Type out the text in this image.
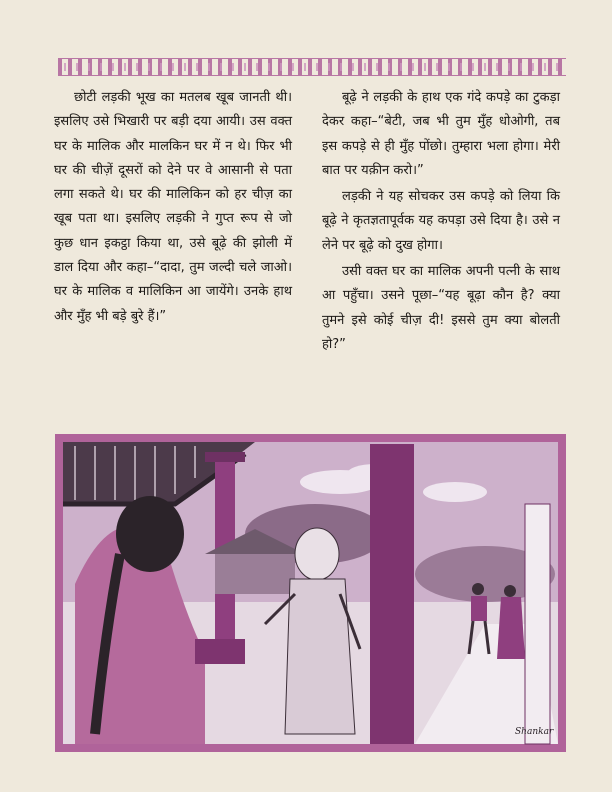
छोटी लड़की भूख का मतलब खूब जानती थी। इसलिए उसे भिखारी पर बड़ी दया आयी। उस वक्त घर के मालिक और मालकिन घर में न थे। फिर भी घर की चीज़ें दूसरों को देने पर वे आसानी से पता लगा सकते थे। घर की मालिकिन को हर चीज़ का खूब पता था। इसलिए लड़की ने गुप्त रूप से जो कुछ धान इकट्ठा किया था, उसे बूढ़े की झोली में डाल दिया और कहा–“दादा, तुम जल्दी चले जाओ। घर के मालिक व मालिकिन आ जायेंगे। उनके हाथ और मुँह भी बड़े बुरे हैं।”

बूढ़े ने लड़की के हाथ एक गंदे कपड़े का टुकड़ा देकर कहा–“बेटी, जब भी तुम मुँह धोओगी, तब इस कपड़े से ही मुँह पोंछो। तुम्हारा भला होगा। मेरी बात पर यक़ीन करो।”

लड़की ने यह सोचकर उस कपड़े को लिया कि बूढ़े ने कृतज्ञतापूर्वक यह कपड़ा उसे दिया है। उसे न लेने पर बूढ़े को दुख होगा।

उसी वक्त घर का मालिक अपनी पत्नी के साथ आ पहुँचा। उसने पूछा–“यह बूढ़ा कौन है? क्या तुमने इसे कोई चीज़ दी! इससे तुम क्या बोलती हो?”

Shankar
